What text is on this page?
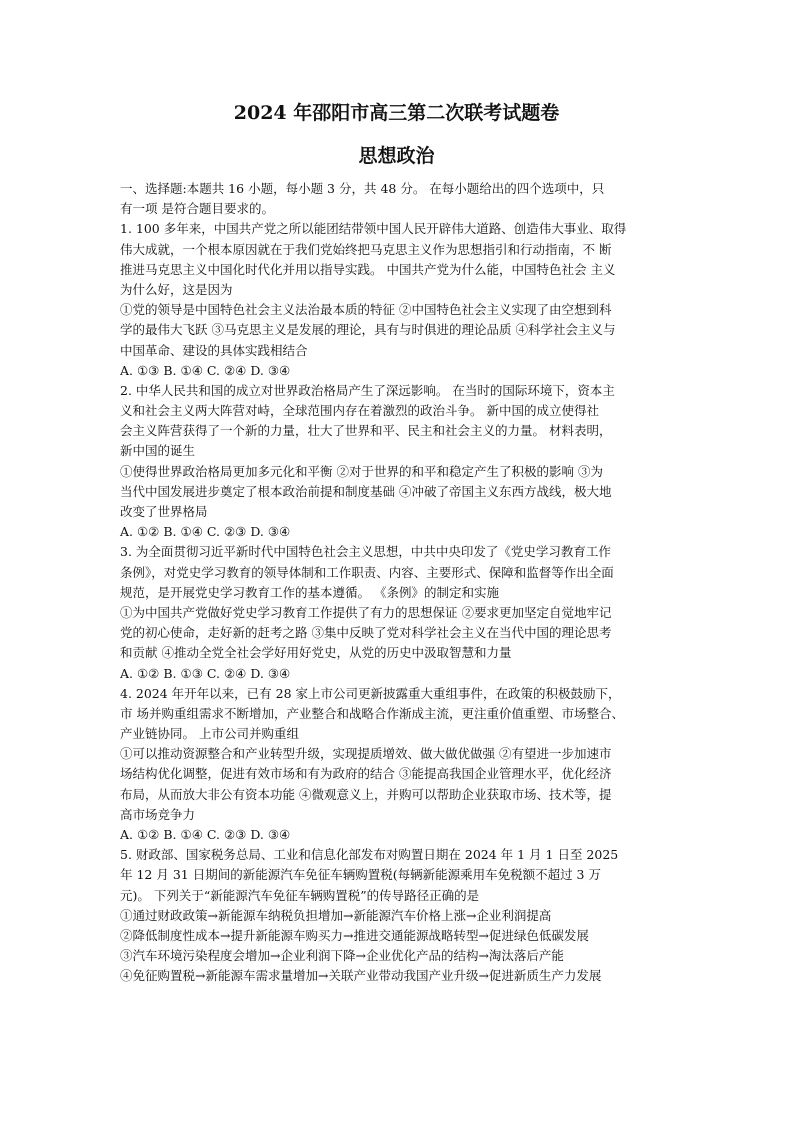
2024 年邵阳市高三第二次联考试题卷
思想政治
一、选择题:本题共 16 小题，每小题 3 分，共 48 分。 在每小题给出的四个选项中，只
有一项 是符合题目要求的。
1. 100 多年来，中国共产党之所以能团结带领中国人民开辟伟大道路、创造伟大事业、取得
伟大成就，一个根本原因就在于我们党始终把马克思主义作为思想指引和行动指南，不 断
推进马克思主义中国化时代化并用以指导实践。 中国共产党为什么能，中国特色社会 主义
为什么好，这是因为
①党的领导是中国特色社会主义法治最本质的特征 ②中国特色社会主义实现了由空想到科
学的最伟大飞跃 ③马克思主义是发展的理论，具有与时俱进的理论品质 ④科学社会主义与
中国革命、建设的具体实践相结合
A. ①③ B. ①④ C. ②④ D. ③④
2. 中华人民共和国的成立对世界政治格局产生了深远影响。 在当时的国际环境下，资本主
义和社会主义两大阵营对峙，全球范围内存在着激烈的政治斗争。 新中国的成立使得社
会主义阵营获得了一个新的力量，壮大了世界和平、民主和社会主义的力量。 材料表明，
新中国的诞生
①使得世界政治格局更加多元化和平衡 ②对于世界的和平和稳定产生了积极的影响 ③为
当代中国发展进步奠定了根本政治前提和制度基础 ④冲破了帝国主义东西方战线，极大地
改变了世界格局
A. ①② B. ①④ C. ②③ D. ③④
3. 为全面贯彻习近平新时代中国特色社会主义思想，中共中央印发了《党史学习教育工作
条例》，对党史学习教育的领导体制和工作职责、内容、主要形式、保障和监督等作出全面
规范，是开展党史学习教育工作的基本遵循。 《条例》的制定和实施
①为中国共产党做好党史学习教育工作提供了有力的思想保证 ②要求更加坚定自觉地牢记
党的初心使命，走好新的赶考之路 ③集中反映了党对科学社会主义在当代中国的理论思考
和贡献 ④推动全党全社会学好用好党史，从党的历史中汲取智慧和力量
A. ①② B. ①③ C. ②④ D. ③④
4. 2024 年开年以来，已有 28 家上市公司更新披露重大重组事件，在政策的积极鼓励下，
市 场并购重组需求不断增加，产业整合和战略合作渐成主流，更注重价值重塑、市场整合、
产业链协同。 上市公司并购重组
①可以推动资源整合和产业转型升级，实现提质增效、做大做优做强 ②有望进一步加速市
场结构优化调整，促进有效市场和有为政府的结合 ③能提高我国企业管理水平，优化经济
布局，从而放大非公有资本功能 ④微观意义上，并购可以帮助企业获取市场、技术等，提
高市场竞争力
A. ①② B. ①④ C. ②③ D. ③④
5. 财政部、国家税务总局、工业和信息化部发布对购置日期在 2024 年 1 月 1 日至 2025
年 12 月 31 日期间的新能源汽车免征车辆购置税(每辆新能源乘用车免税额不超过 3 万
元)。 下列关于“新能源汽车免征车辆购置税”的传导路径正确的是
①通过财政政策→新能源车纳税负担增加→新能源汽车价格上涨→企业利润提高
②降低制度性成本→提升新能源车购买力→推进交通能源战略转型→促进绿色低碳发展
③汽车环境污染程度会增加→企业利润下降→企业优化产品的结构→淘汰落后产能
④免征购置税→新能源车需求量增加→关联产业带动我国产业升级→促进新质生产力发展
